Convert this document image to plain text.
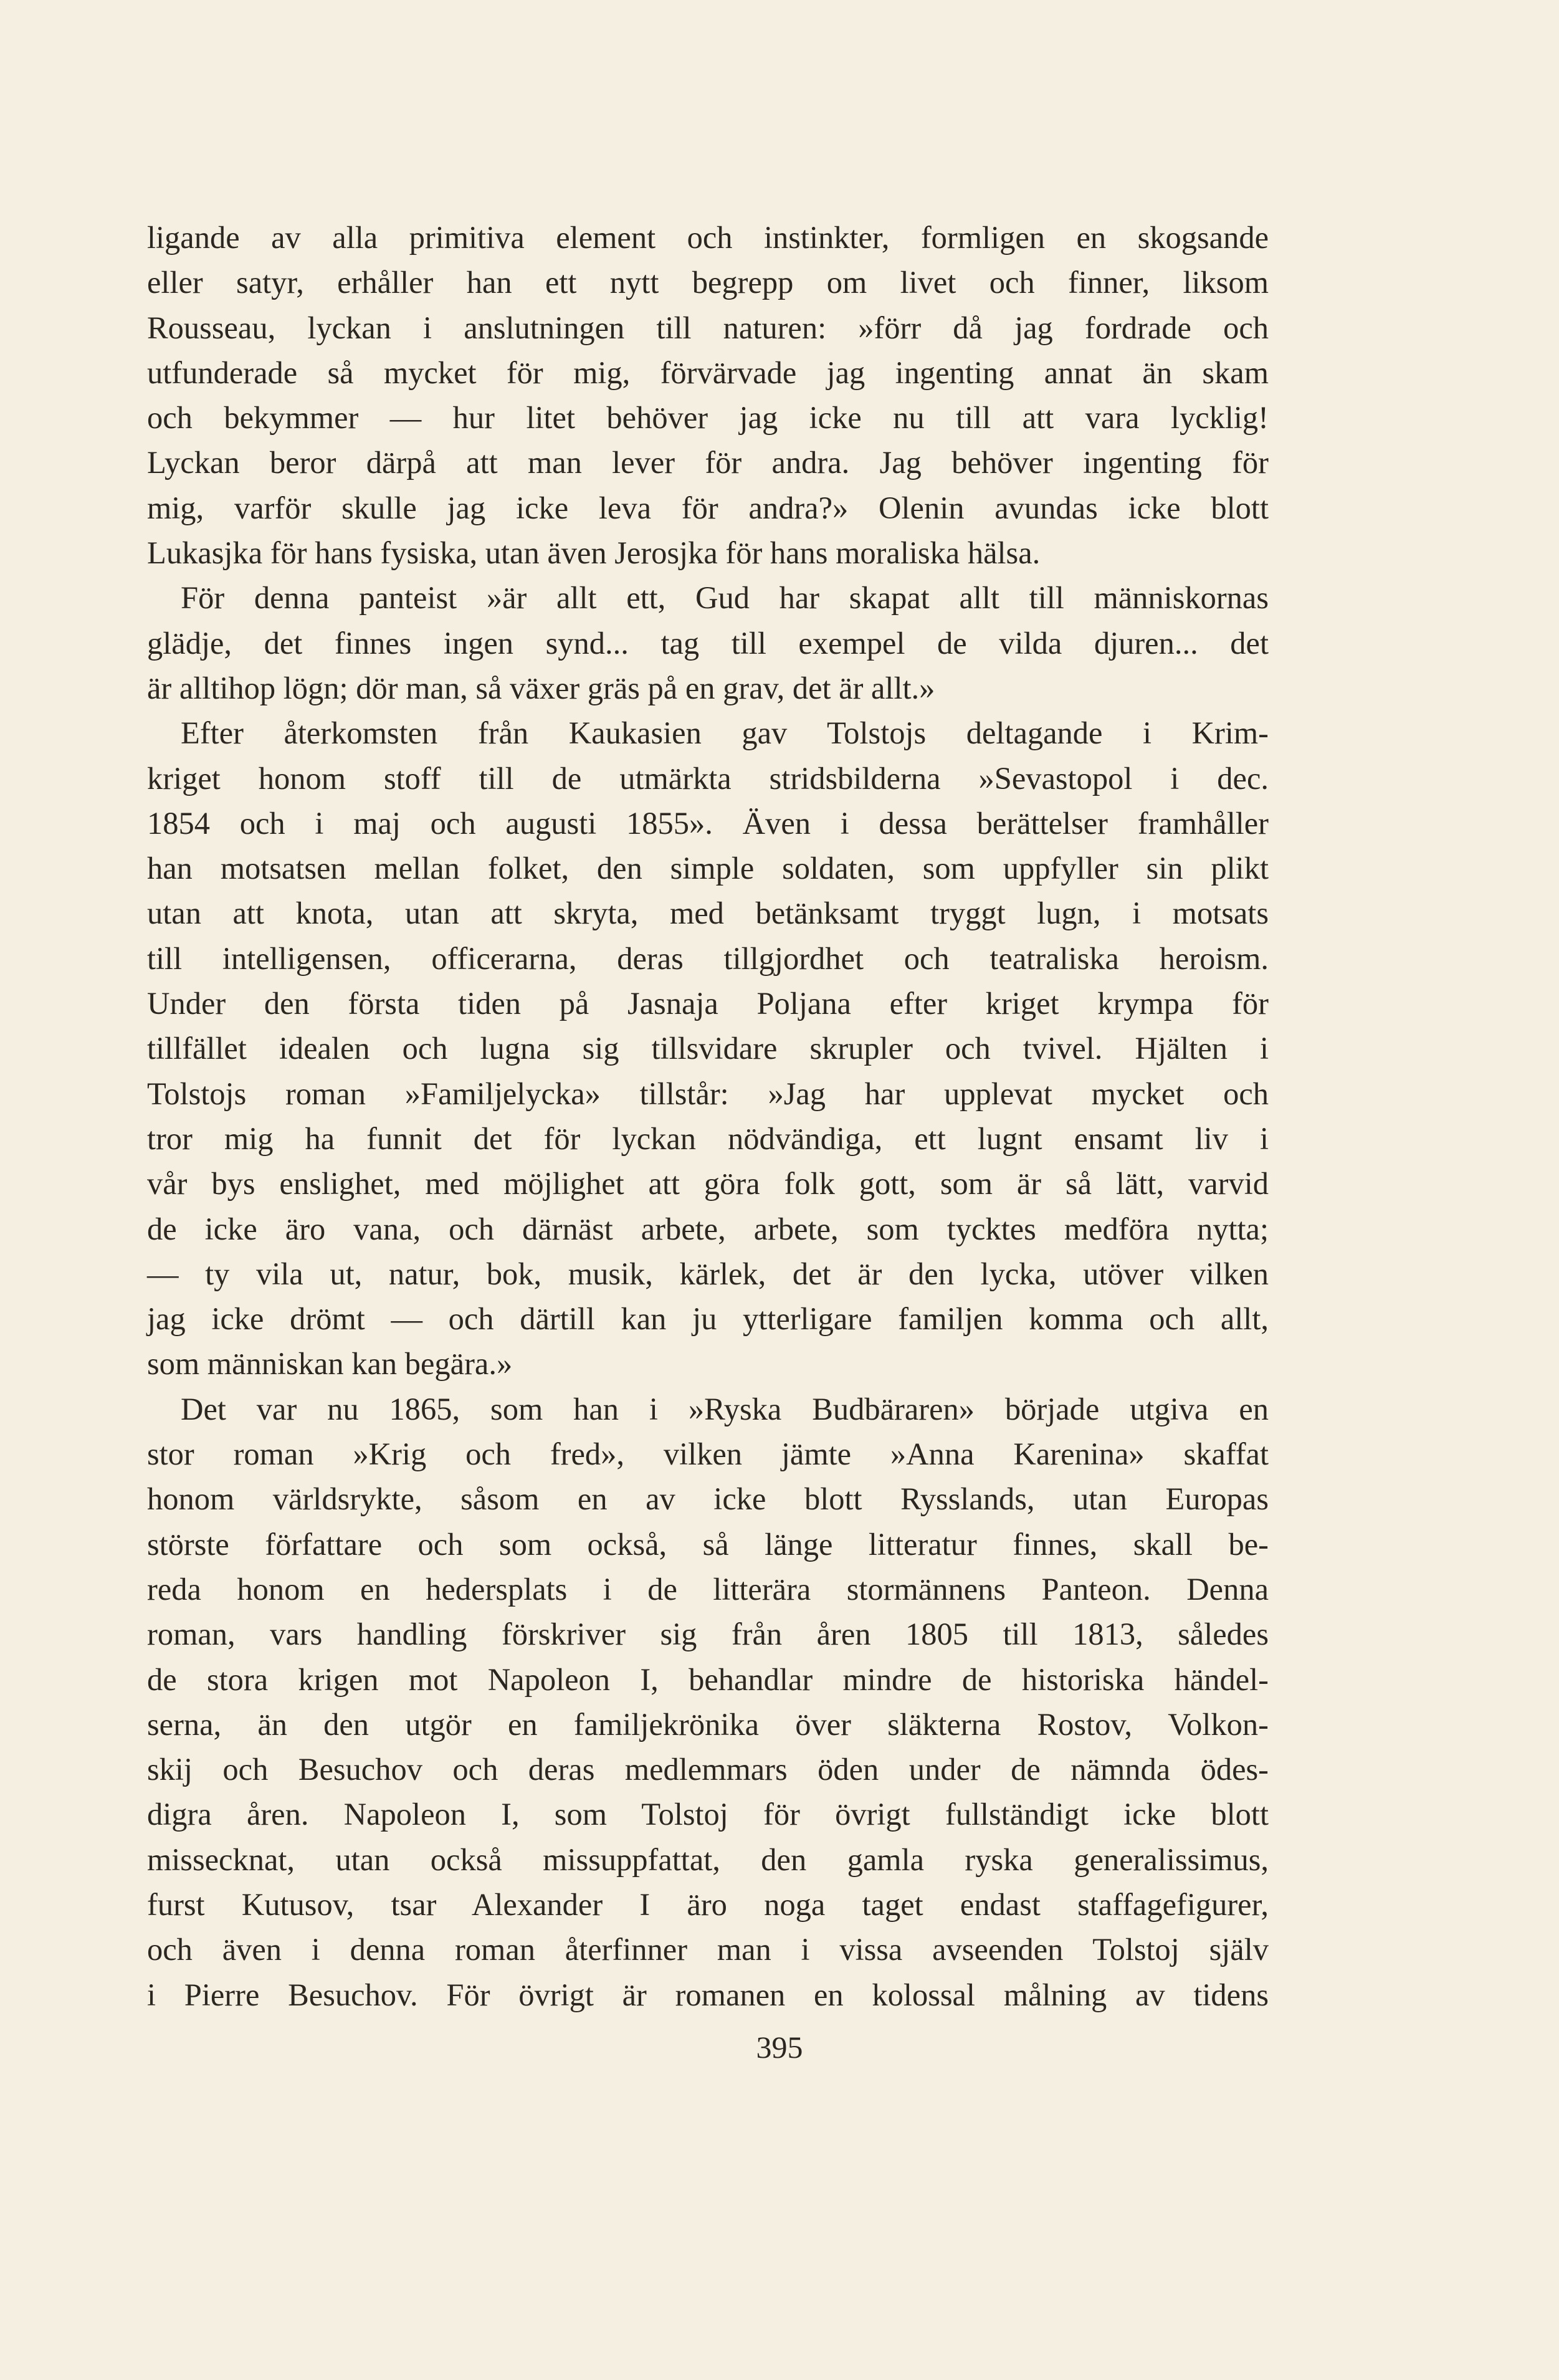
ligande av alla primitiva element och instinkter, formligen en skogsande
eller satyr, erhåller han ett nytt begrepp om livet och finner, liksom
Rousseau, lyckan i anslutningen till naturen: »förr då jag fordrade och
utfunderade så mycket för mig, förvärvade jag ingenting annat än skam
och bekymmer — hur litet behöver jag icke nu till att vara lycklig!
Lyckan beror därpå att man lever för andra. Jag behöver ingenting för
mig, varför skulle jag icke leva för andra?» Olenin avundas icke blott
Lukasjka för hans fysiska, utan även Jerosjka för hans moraliska hälsa.
För denna panteist »är allt ett, Gud har skapat allt till människornas
glädje, det finnes ingen synd... tag till exempel de vilda djuren... det
är alltihop lögn; dör man, så växer gräs på en grav, det är allt.»
Efter återkomsten från Kaukasien gav Tolstojs deltagande i Krim-
kriget honom stoff till de utmärkta stridsbilderna »Sevastopol i dec.
1854 och i maj och augusti 1855». Även i dessa berättelser framhåller
han motsatsen mellan folket, den simple soldaten, som uppfyller sin plikt
utan att knota, utan att skryta, med betänksamt tryggt lugn, i motsats
till intelligensen, officerarna, deras tillgjordhet och teatraliska heroism.
Under den första tiden på Jasnaja Poljana efter kriget krympa för
tillfället idealen och lugna sig tillsvidare skrupler och tvivel. Hjälten i
Tolstojs roman »Familjelycka» tillstår: »Jag har upplevat mycket och
tror mig ha funnit det för lyckan nödvändiga, ett lugnt ensamt liv i
vår bys enslighet, med möjlighet att göra folk gott, som är så lätt, varvid
de icke äro vana, och därnäst arbete, arbete, som tycktes medföra nytta;
— ty vila ut, natur, bok, musik, kärlek, det är den lycka, utöver vilken
jag icke drömt — och därtill kan ju ytterligare familjen komma och allt,
som människan kan begära.»
Det var nu 1865, som han i »Ryska Budbäraren» började utgiva en
stor roman »Krig och fred», vilken jämte »Anna Karenina» skaffat
honom världsrykte, såsom en av icke blott Rysslands, utan Europas
störste författare och som också, så länge litteratur finnes, skall be-
reda honom en hedersplats i de litterära stormännens Panteon. Denna
roman, vars handling förskriver sig från åren 1805 till 1813, således
de stora krigen mot Napoleon I, behandlar mindre de historiska händel-
serna, än den utgör en familjekrönika över släkterna Rostov, Volkon-
skij och Besuchov och deras medlemmars öden under de nämnda ödes-
digra åren. Napoleon I, som Tolstoj för övrigt fullständigt icke blott
missecknat, utan också missuppfattat, den gamla ryska generalissimus,
furst Kutusov, tsar Alexander I äro noga taget endast staffagefigurer,
och även i denna roman återfinner man i vissa avseenden Tolstoj själv
i Pierre Besuchov. För övrigt är romanen en kolossal målning av tidens
395
